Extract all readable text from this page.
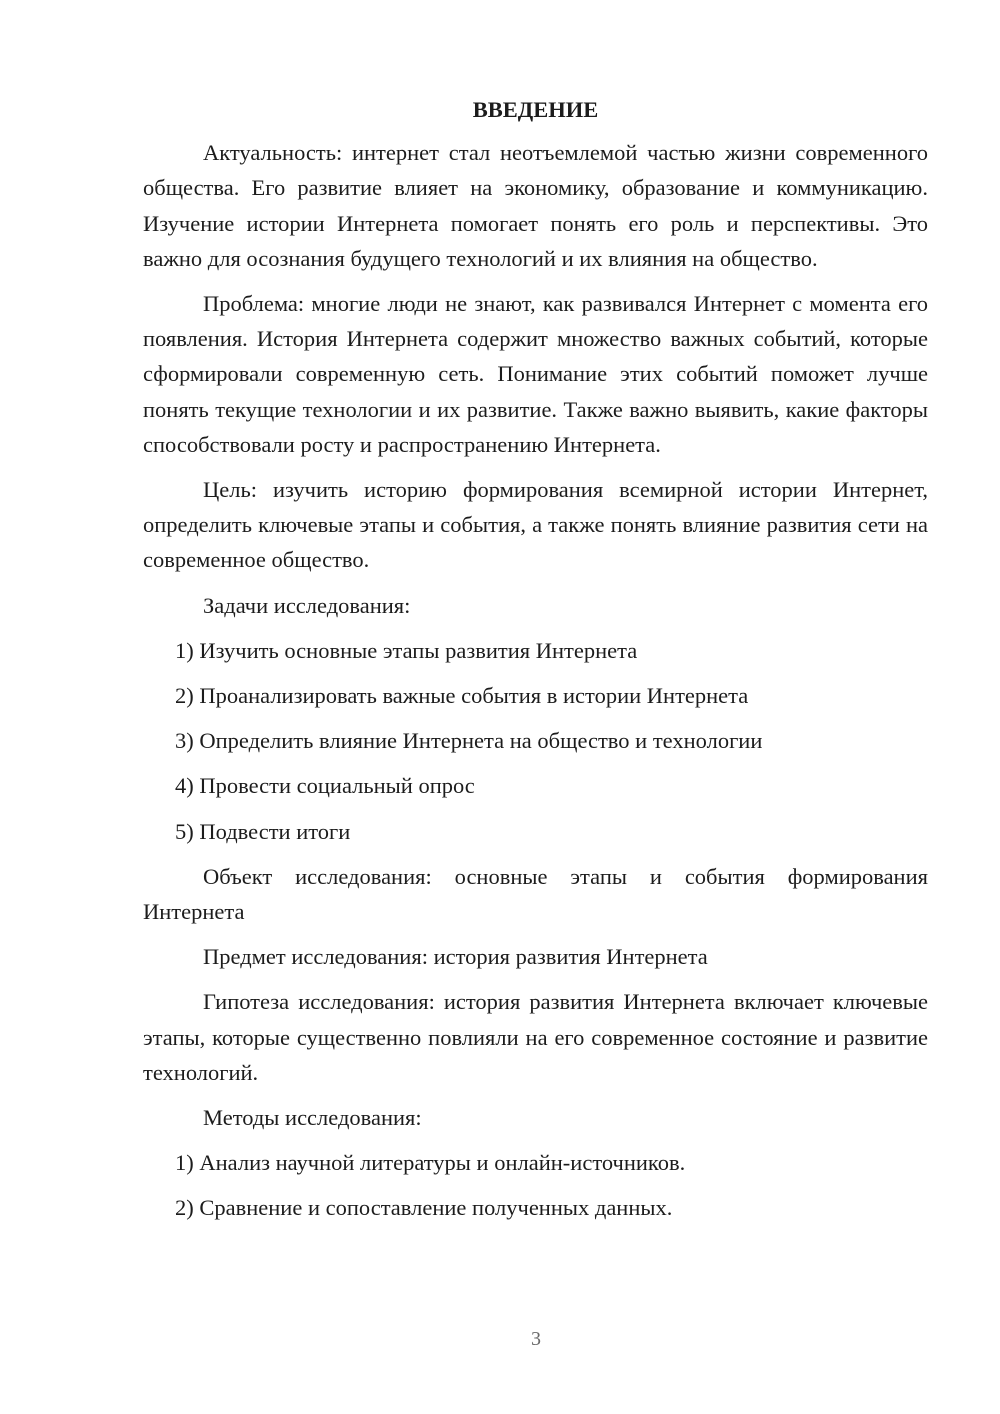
ВВЕДЕНИЕ

Актуальность: интернет стал неотъемлемой частью жизни современного общества. Его развитие влияет на экономику, образование и коммуникацию. Изучение истории Интернета помогает понять его роль и перспективы. Это важно для осознания будущего технологий и их влияния на общество.

Проблема: многие люди не знают, как развивался Интернет с момента его появления. История Интернета содержит множество важных событий, которые сформировали современную сеть. Понимание этих событий поможет лучше понять текущие технологии и их развитие. Также важно выявить, какие факторы способствовали росту и распространению Интернета.

Цель: изучить историю формирования всемирной истории Интернет, определить ключевые этапы и события, а также понять влияние развития сети на современное общество.

Задачи исследования:

1) Изучить основные этапы развития Интернета
2) Проанализировать важные события в истории Интернета
3) Определить влияние Интернета на общество и технологии
4) Провести социальный опрос
5) Подвести итоги

Объект исследования: основные этапы и события формирования Интернета

Предмет исследования: история развития Интернета

Гипотеза исследования: история развития Интернета включает ключевые этапы, которые существенно повлияли на его современное состояние и развитие технологий.

Методы исследования:

1) Анализ научной литературы и онлайн-источников.
2) Сравнение и сопоставление полученных данных.
3
